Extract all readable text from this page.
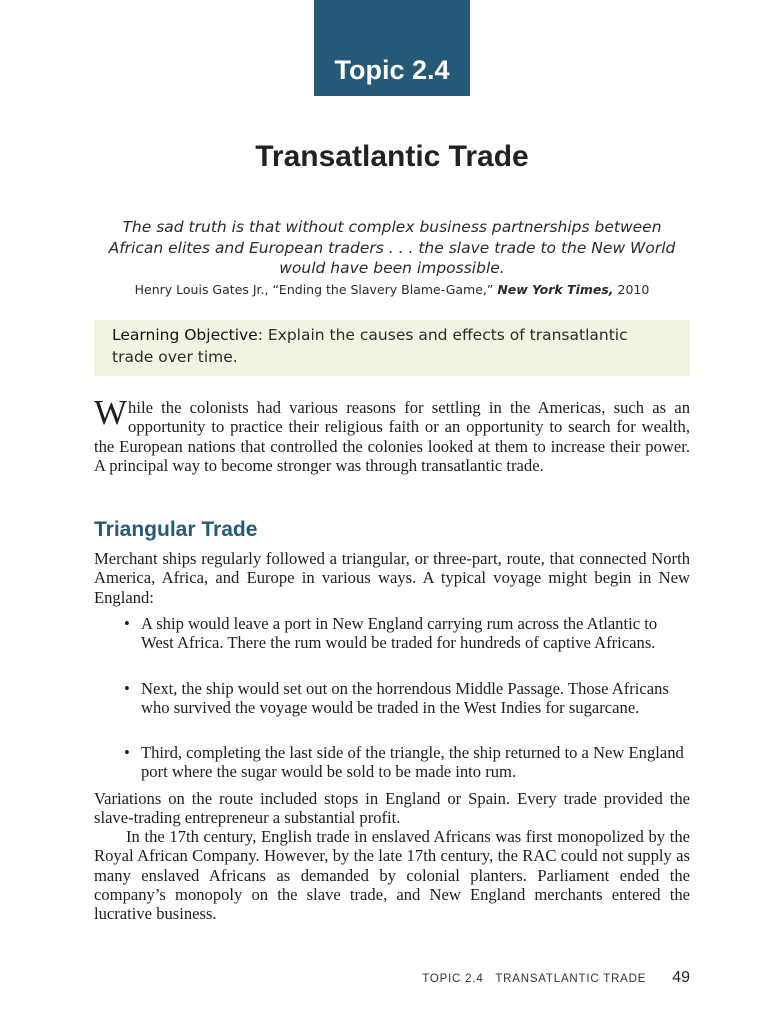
Topic 2.4
Transatlantic Trade

The sad truth is that without complex business partnerships between African elites and European traders . . . the slave trade to the New World would have been impossible.

Henry Louis Gates Jr., “Ending the Slavery Blame-Game,” New York Times, 2010

Learning Objective: Explain the causes and effects of transatlantic trade over time.

While the colonists had various reasons for settling in the Americas, such as an opportunity to practice their religious faith or an opportunity to search for wealth, the European nations that controlled the colonies looked at them to increase their power. A principal way to become stronger was through transatlantic trade.

Triangular Trade

Merchant ships regularly followed a triangular, or three-part, route, that connected North America, Africa, and Europe in various ways. A typical voyage might begin in New England:

• A ship would leave a port in New England carrying rum across the Atlantic to West Africa. There the rum would be traded for hundreds of captive Africans.
• Next, the ship would set out on the horrendous Middle Passage. Those Africans who survived the voyage would be traded in the West Indies for sugarcane.
• Third, completing the last side of the triangle, the ship returned to a New England port where the sugar would be sold to be made into rum.

Variations on the route included stops in England or Spain. Every trade provided the slave-trading entrepreneur a substantial profit.

In the 17th century, English trade in enslaved Africans was first monopolized by the Royal African Company. However, by the late 17th century, the RAC could not supply as many enslaved Africans as demanded by colonial planters. Parliament ended the company’s monopoly on the slave trade, and New England merchants entered the lucrative business.

TOPIC 2.4   TRANSATLANTIC TRADE 49
